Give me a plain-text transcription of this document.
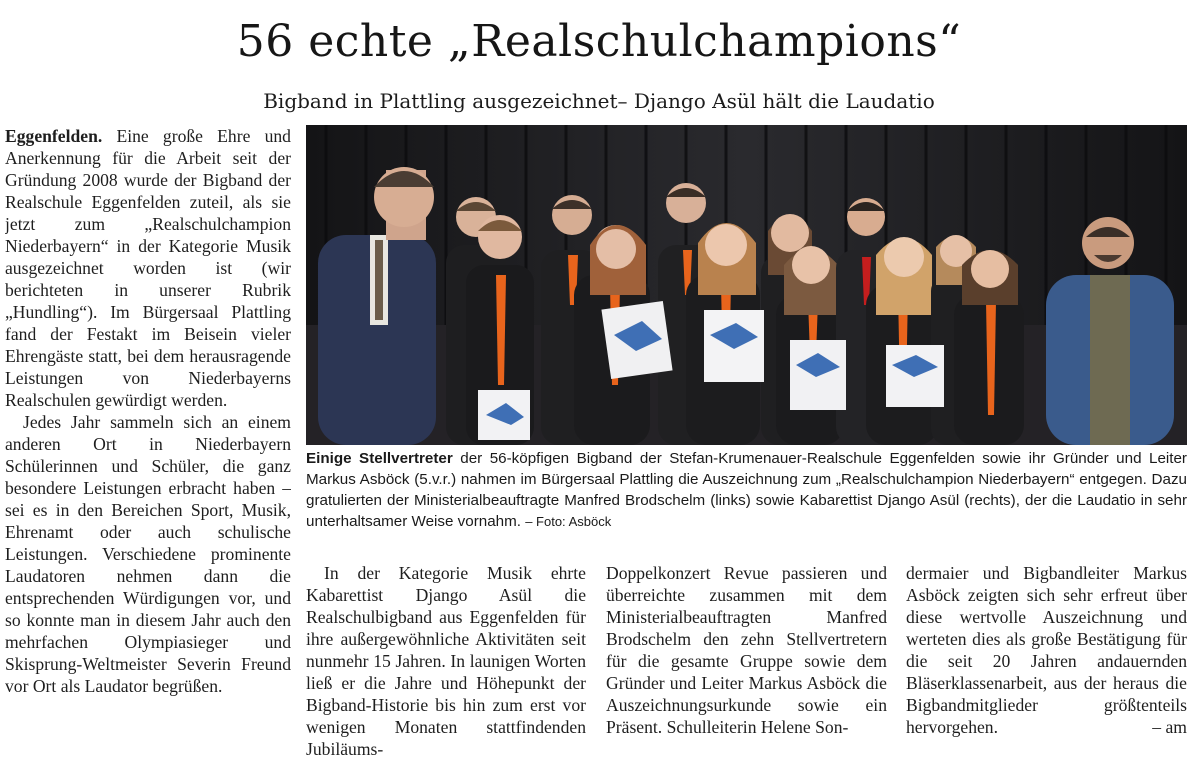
56 echte „Realschulchampions“
Bigband in Plattling ausgezeichnet– Django Asül hält die Laudatio

Eggenfelden. Eine große Ehre und Anerkennung für die Arbeit seit der Gründung 2008 wurde der Bigband der Realschule Eggenfelden zuteil, als sie jetzt zum „Realschulchampion Niederbayern“ in der Kategorie Musik ausgezeichnet worden ist (wir berichteten in unserer Rubrik „Hundling“). Im Bürgersaal Plattling fand der Festakt im Beisein vieler Ehrengäste statt, bei dem herausragende Leistungen von Niederbayerns Realschulen gewürdigt werden.

Jedes Jahr sammeln sich an einem anderen Ort in Niederbayern Schülerinnen und Schüler, die ganz besondere Leistungen erbracht haben – sei es in den Bereichen Sport, Musik, Ehrenamt oder auch schulische Leistungen. Verschiedene prominente Laudatoren nehmen dann die entsprechenden Würdigungen vor, und so konnte man in diesem Jahr auch den mehrfachen Olympiasieger und Skisprung-Weltmeister Severin Freund vor Ort als Laudator begrüßen.

Einige Stellvertreter der 56-köpfigen Bigband der Stefan-Krumenauer-Realschule Eggenfelden sowie ihr Gründer und Leiter Markus Asböck (5.v.r.) nahmen im Bürgersaal Plattling die Auszeichnung zum „Realschulchampion Niederbayern“ entgegen. Dazu gratulierten der Ministerialbeauftragte Manfred Brodschelm (links) sowie Kabarettist Django Asül (rechts), der die Laudatio in sehr unterhaltsamer Weise vornahm. – Foto: Asböck

In der Kategorie Musik ehrte Kabarettist Django Asül die Realschulbigband aus Eggenfelden für ihre außergewöhnliche Aktivitäten seit nunmehr 15 Jahren. In launigen Worten ließ er die Jahre und Höhepunkt der Bigband-Historie bis hin zum erst vor wenigen Monaten stattfindenden Jubiläums-

Doppelkonzert Revue passieren und überreichte zusammen mit dem Ministerialbeauftragten Manfred Brodschelm den zehn Stellvertretern für die gesamte Gruppe sowie dem Gründer und Leiter Markus Asböck die Auszeichnungsurkunde sowie ein Präsent. Schulleiterin Helene Son-

dermaier und Bigbandleiter Markus Asböck zeigten sich sehr erfreut über diese wertvolle Auszeichnung und werteten dies als große Bestätigung für die seit 20 Jahren andauernden Bläserklassenarbeit, aus der heraus die Bigbandmitglieder größtenteils hervorgehen.	– am
